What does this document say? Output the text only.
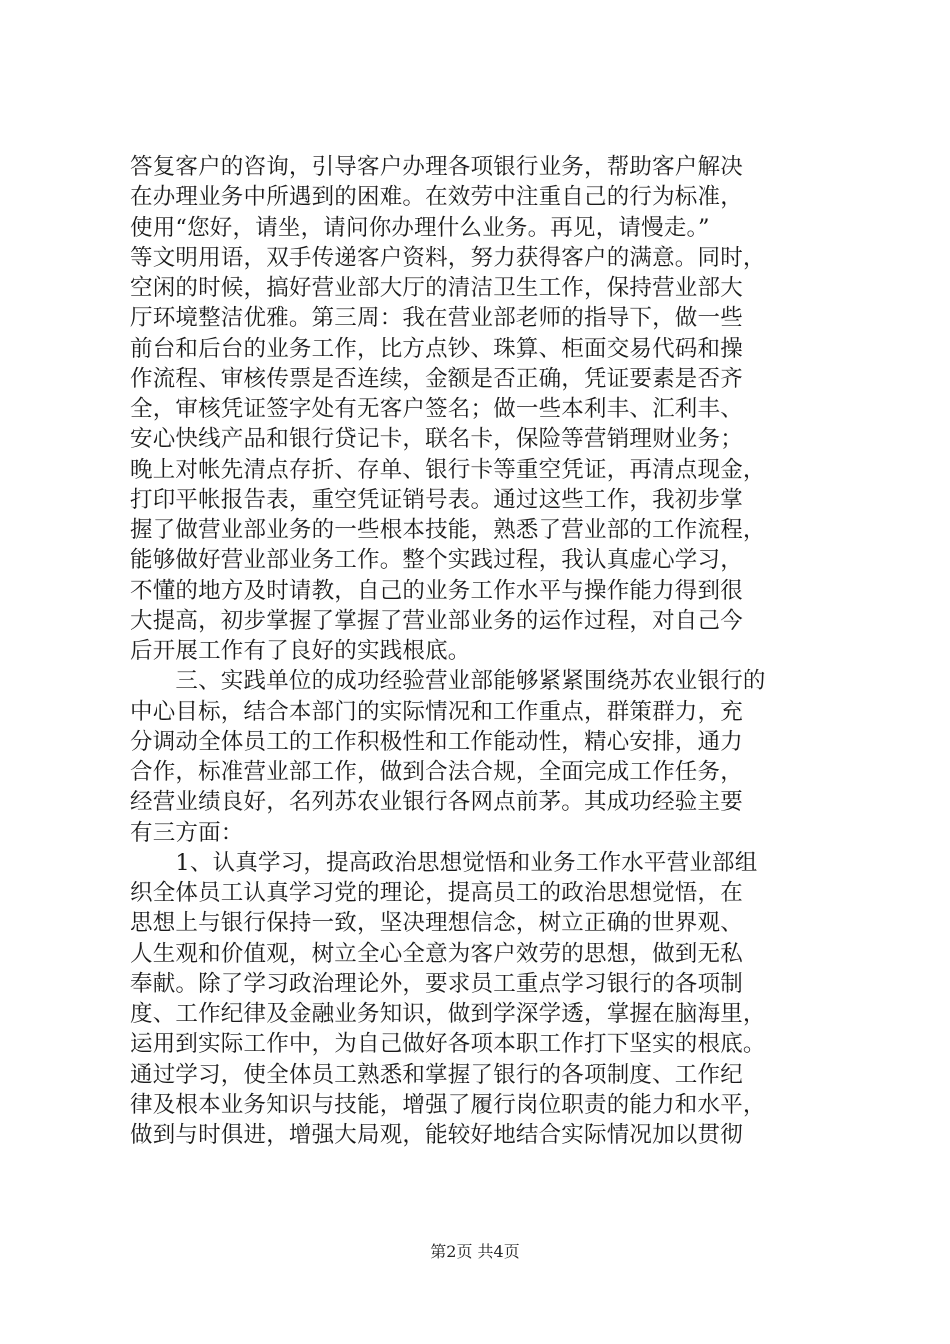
答复客户的咨询，引导客户办理各项银行业务，帮助客户解决
在办理业务中所遇到的困难。在效劳中注重自己的行为标准，
使用“您好，请坐，请问你办理什么业务。再见，请慢走。”
等文明用语，双手传递客户资料，努力获得客户的满意。同时，
空闲的时候，搞好营业部大厅的清洁卫生工作，保持营业部大
厅环境整洁优雅。第三周：我在营业部老师的指导下，做一些
前台和后台的业务工作，比方点钞、珠算、柜面交易代码和操
作流程、审核传票是否连续，金额是否正确，凭证要素是否齐
全，审核凭证签字处有无客户签名；做一些本利丰、汇利丰、
安心快线产品和银行贷记卡，联名卡，保险等营销理财业务；
晚上对帐先清点存折、存单、银行卡等重空凭证，再清点现金，
打印平帐报告表，重空凭证销号表。通过这些工作，我初步掌
握了做营业部业务的一些根本技能，熟悉了营业部的工作流程，
能够做好营业部业务工作。整个实践过程，我认真虚心学习，
不懂的地方及时请教，自己的业务工作水平与操作能力得到很
大提高，初步掌握了掌握了营业部业务的运作过程，对自己今
后开展工作有了良好的实践根底。
　　三、实践单位的成功经验营业部能够紧紧围绕苏农业银行的
中心目标，结合本部门的实际情况和工作重点，群策群力，充
分调动全体员工的工作积极性和工作能动性，精心安排，通力
合作，标准营业部工作，做到合法合规，全面完成工作任务，
经营业绩良好，名列苏农业银行各网点前茅。其成功经验主要
有三方面：
　　1、认真学习，提高政治思想觉悟和业务工作水平营业部组
织全体员工认真学习党的理论，提高员工的政治思想觉悟，在
思想上与银行保持一致，坚决理想信念，树立正确的世界观、
人生观和价值观，树立全心全意为客户效劳的思想，做到无私
奉献。除了学习政治理论外，要求员工重点学习银行的各项制
度、工作纪律及金融业务知识，做到学深学透，掌握在脑海里，
运用到实际工作中，为自己做好各项本职工作打下坚实的根底。
通过学习，使全体员工熟悉和掌握了银行的各项制度、工作纪
律及根本业务知识与技能，增强了履行岗位职责的能力和水平，
做到与时俱进，增强大局观，能较好地结合实际情况加以贯彻
第2页 共4页
